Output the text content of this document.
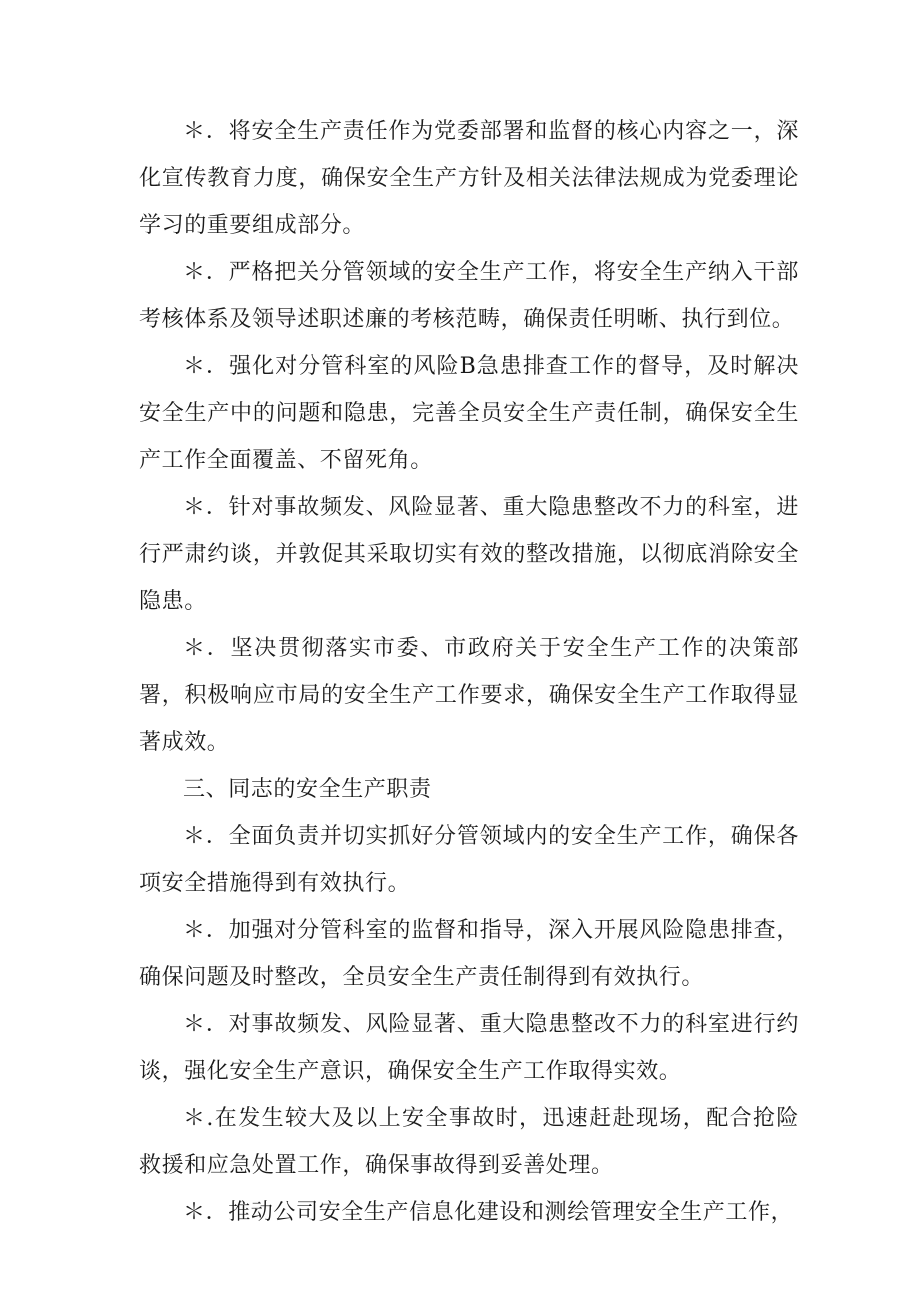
＊．将安全生产责任作为党委部署和监督的核心内容之一，深化宣传教育力度，确保安全生产方针及相关法律法规成为党委理论学习的重要组成部分。

＊．严格把关分管领域的安全生产工作，将安全生产纳入干部考核体系及领导述职述廉的考核范畴，确保责任明晰、执行到位。

＊．强化对分管科室的风险B急患排查工作的督导，及时解决安全生产中的问题和隐患，完善全员安全生产责任制，确保安全生产工作全面覆盖、不留死角。

＊．针对事故频发、风险显著、重大隐患整改不力的科室，进行严肃约谈，并敦促其采取切实有效的整改措施，以彻底消除安全隐患。

＊．坚决贯彻落实市委、市政府关于安全生产工作的决策部署，积极响应市局的安全生产工作要求，确保安全生产工作取得显著成效。

三、同志的安全生产职责

＊．全面负责并切实抓好分管领域内的安全生产工作，确保各项安全措施得到有效执行。

＊．加强对分管科室的监督和指导，深入开展风险隐患排查，确保问题及时整改，全员安全生产责任制得到有效执行。

＊．对事故频发、风险显著、重大隐患整改不力的科室进行约谈，强化安全生产意识，确保安全生产工作取得实效。

＊.在发生较大及以上安全事故时，迅速赶赴现场，配合抢险救援和应急处置工作，确保事故得到妥善处理。

＊．推动公司安全生产信息化建设和测绘管理安全生产工作，
